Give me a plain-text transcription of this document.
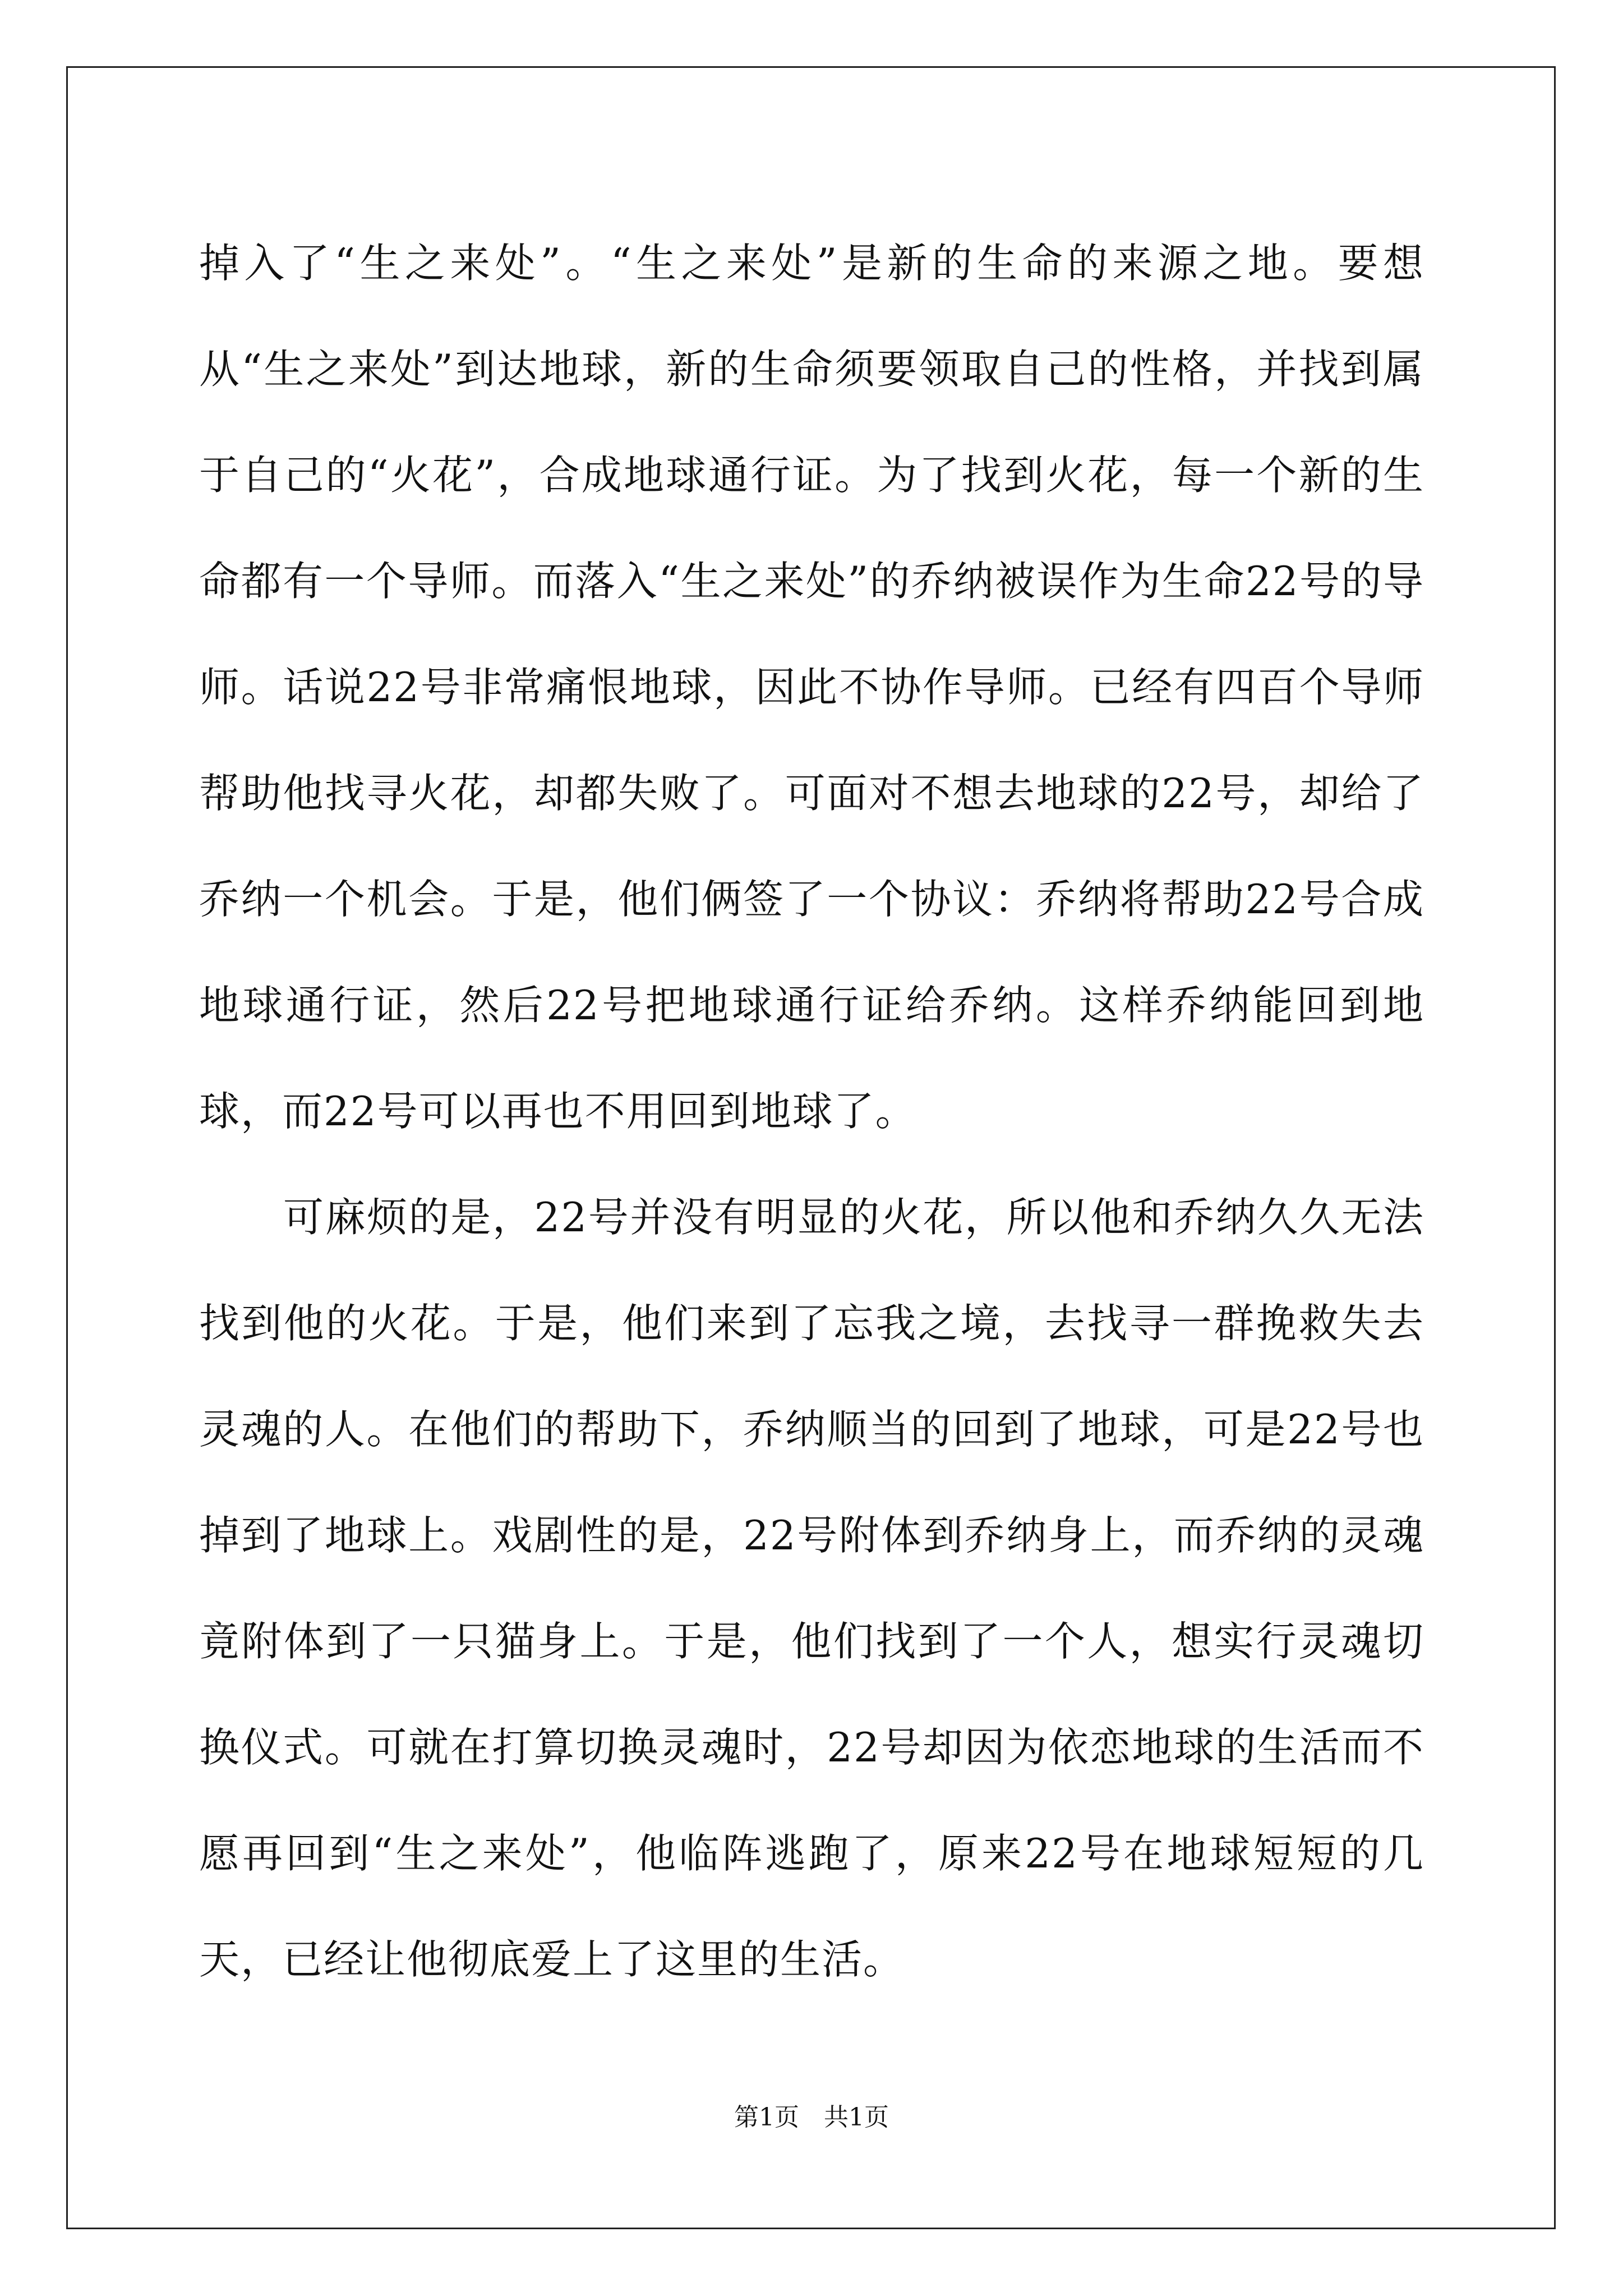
掉入了“生之来处”。“生之来处”是新的生命的来源之地。要想从“生之来处”到达地球，新的生命须要领取自己的性格，并找到属于自己的“火花”，合成地球通行证。为了找到火花，每一个新的生命都有一个导师。而落入“生之来处”的乔纳被误作为生命22号的导师。话说22号非常痛恨地球，因此不协作导师。已经有四百个导师帮助他找寻火花，却都失败了。可面对不想去地球的22号，却给了乔纳一个机会。于是，他们俩签了一个协议：乔纳将帮助22号合成地球通行证，然后22号把地球通行证给乔纳。这样乔纳能回到地球，而22号可以再也不用回到地球了。

可麻烦的是，22号并没有明显的火花，所以他和乔纳久久无法找到他的火花。于是，他们来到了忘我之境，去找寻一群挽救失去灵魂的人。在他们的帮助下，乔纳顺当的回到了地球，可是22号也掉到了地球上。戏剧性的是，22号附体到乔纳身上，而乔纳的灵魂竟附体到了一只猫身上。于是，他们找到了一个人，想实行灵魂切换仪式。可就在打算切换灵魂时，22号却因为依恋地球的生活而不愿再回到“生之来处”，他临阵逃跑了，原来22号在地球短短的几天，已经让他彻底爱上了这里的生活。

第1页　共1页
